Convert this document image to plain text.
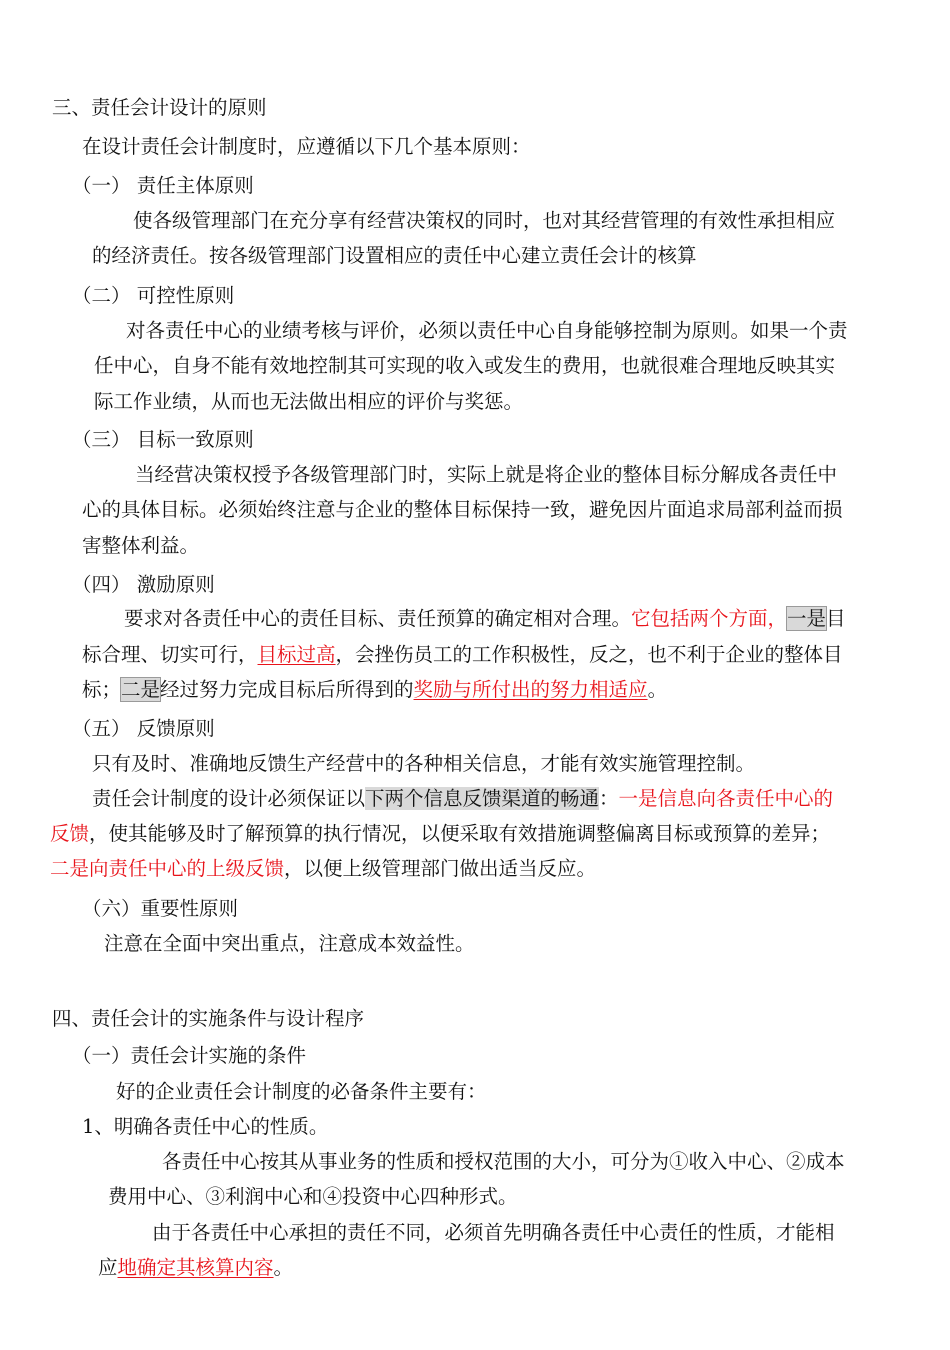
三、责任会计设计的原则
在设计责任会计制度时，应遵循以下几个基本原则：
（一） 责任主体原则
使各级管理部门在充分享有经营决策权的同时，也对其经营管理的有效性承担相应
的经济责任。按各级管理部门设置相应的责任中心建立责任会计的核算
（二） 可控性原则
对各责任中心的业绩考核与评价，必须以责任中心自身能够控制为原则。如果一个责
任中心，自身不能有效地控制其可实现的收入或发生的费用，也就很难合理地反映其实
际工作业绩，从而也无法做出相应的评价与奖惩。
（三） 目标一致原则
当经营决策权授予各级管理部门时，实际上就是将企业的整体目标分解成各责任中
心的具体目标。必须始终注意与企业的整体目标保持一致，避免因片面追求局部利益而损
害整体利益。
（四） 激励原则
要求对各责任中心的责任目标、责任预算的确定相对合理。它包括两个方面，一是目
标合理、切实可行，目标过高，会挫伤员工的工作积极性，反之，也不利于企业的整体目
标；二是经过努力完成目标后所得到的奖励与所付出的努力相适应。
（五） 反馈原则
只有及时、准确地反馈生产经营中的各种相关信息，才能有效实施管理控制。
责任会计制度的设计必须保证以下两个信息反馈渠道的畅通：一是信息向各责任中心的
反馈，使其能够及时了解预算的执行情况，以便采取有效措施调整偏离目标或预算的差异；
二是向责任中心的上级反馈，以便上级管理部门做出适当反应。
（六）重要性原则
注意在全面中突出重点，注意成本效益性。
四、责任会计的实施条件与设计程序
（一）责任会计实施的条件
好的企业责任会计制度的必备条件主要有：
1、明确各责任中心的性质。
各责任中心按其从事业务的性质和授权范围的大小，可分为①收入中心、②成本
费用中心、③利润中心和④投资中心四种形式。
由于各责任中心承担的责任不同，必须首先明确各责任中心责任的性质，才能相
应地确定其核算内容。
